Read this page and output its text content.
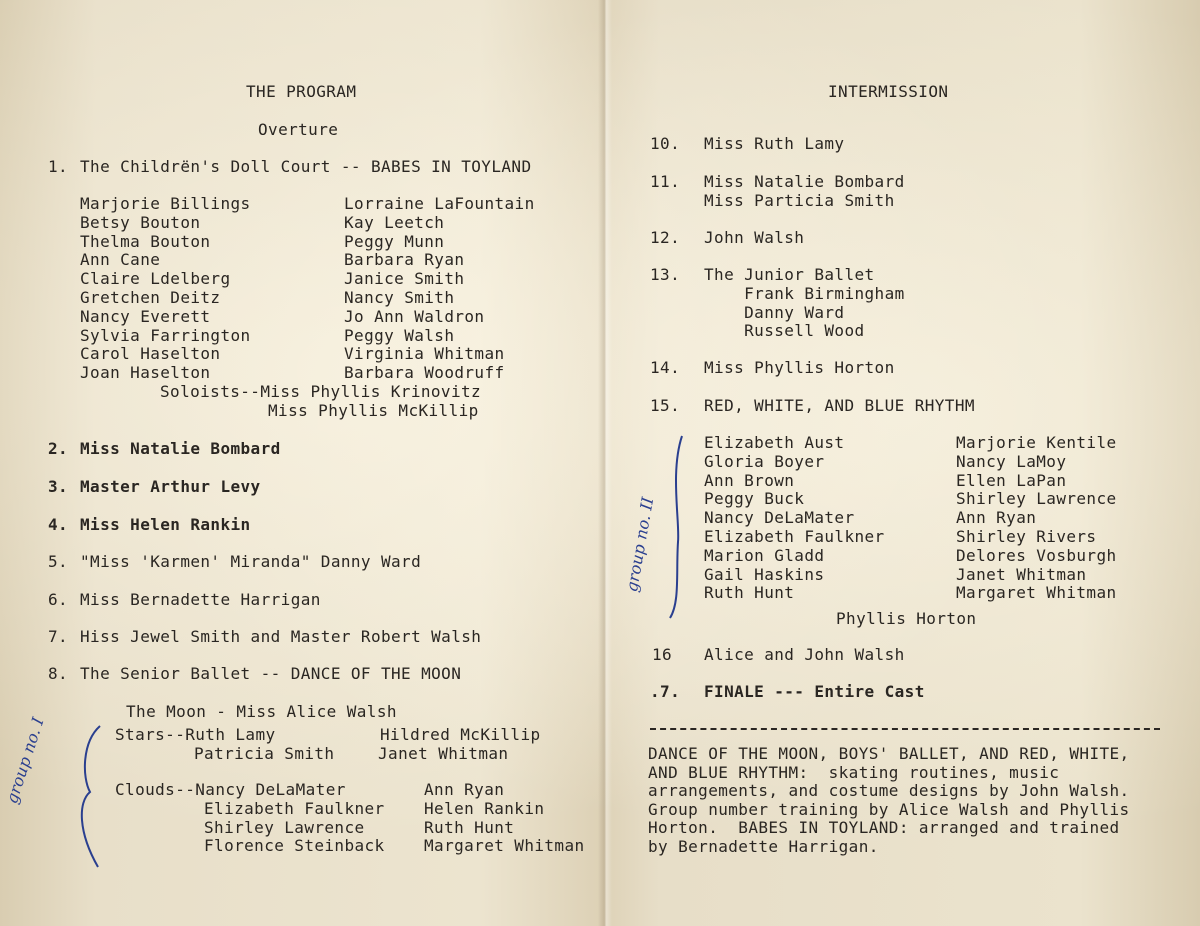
THE PROGRAM
Overture
1. The Childrёn's Doll Court -- BABES IN TOYLAND
Marjorie Billings
Betsy Bouton
Thelma Bouton
Ann Cane
Claire Ldelberg
Gretchen Deitz
Nancy Everett
Sylvia Farrington
Carol Haselton
Joan Haselton
Lorraine LaFountain
Kay Leetch
Peggy Munn
Barbara Ryan
Janice Smith
Nancy Smith
Jo Ann Waldron
Peggy Walsh
Virginia Whitman
Barbara Woodruff
Soloists--Miss Phyllis Krinovitz
Miss Phyllis McKillip
2. Miss Natalie Bombard
3. Master Arthur Levy
4. Miss Helen Rankin
5. "Miss 'Karmen' Miranda" Danny Ward
6. Miss Bernadette Harrigan
7. Hiss Jewel Smith and Master Robert Walsh
8. The Senior Ballet -- DANCE OF THE MOON
The Moon - Miss Alice Walsh
Stars--Ruth Lamy	Hildred McKillip
Patricia Smith	Janet Whitman
Clouds--Nancy DeLaMater
Elizabeth Faulkner
Shirley Lawrence
Florence Steinback
Ann Ryan
Helen Rankin
Ruth Hunt
Margaret Whitman
group no. I
INTERMISSION
10. Miss Ruth Lamy
11. Miss Natalie Bombard
Miss Particia Smith
12. John Walsh
13. The Junior Ballet
Frank Birmingham
Danny Ward
Russell Wood
14. Miss Phyllis Horton
15. RED, WHITE, AND BLUE RHYTHM
Elizabeth Aust
Gloria Boyer
Ann Brown
Peggy Buck
Nancy DeLaMater
Elizabeth Faulkner
Marion Gladd
Gail Haskins
Ruth Hunt
Marjorie Kentile
Nancy LaMoy
Ellen LaPan
Shirley Lawrence
Ann Ryan
Shirley Rivers
Delores Vosburgh
Janet Whitman
Margaret Whitman
Phyllis Horton
group no. II
16 Alice and John Walsh
.7. FINALE --- Entire Cast
DANCE OF THE MOON, BOYS' BALLET, AND RED, WHITE,
AND BLUE RHYTHM:  skating routines, music
arrangements, and costume designs by John Walsh.
Group number training by Alice Walsh and Phyllis
Horton.  BABES IN TOYLAND: arranged and trained
by Bernadette Harrigan.
